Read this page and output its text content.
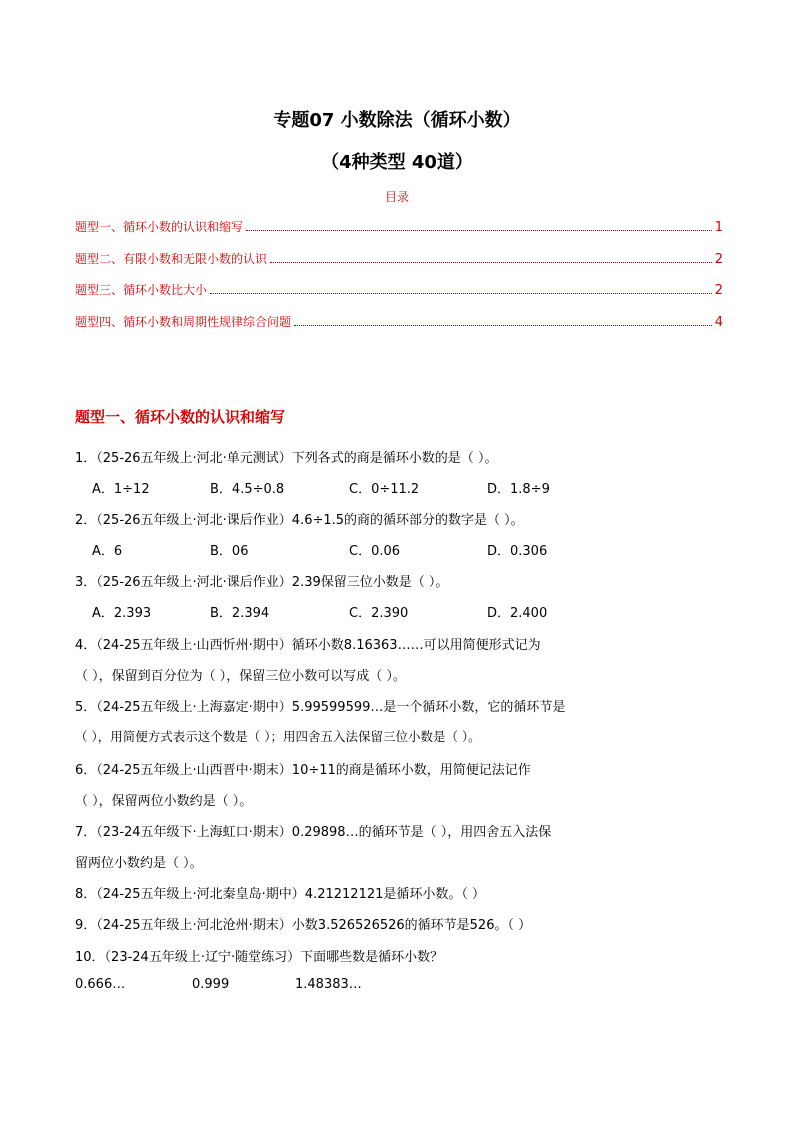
专题07 小数除法（循环小数）
（4种类型 40道）
目录
题型一、循环小数的认识和缩写	1
题型二、有限小数和无限小数的认识	2
题型三、循环小数比大小	2
题型四、循环小数和周期性规律综合问题	4
题型一、循环小数的认识和缩写
1．（25-26五年级上·河北·单元测试）下列各式的商是循环小数的是（ ）。
A．1÷12	B．4.5÷0.8	C．0÷11.2	D．1.8÷9
2．（25-26五年级上·河北·课后作业）4.6÷1.5的商的循环部分的数字是（ ）。
A．6	B．06	C．0.06	D．0.306
3．（25-26五年级上·河北·课后作业）2.39̇保留三位小数是（ ）。
A．2.393	B．2.394	C．2.390	D．2.400
4．（24-25五年级上·山西忻州·期中）循环小数8.16363……可以用简便形式记为
（ ），保留到百分位为（ ），保留三位小数可以写成（ ）。
5．（24-25五年级上·上海嘉定·期中）5.99599599…是一个循环小数，它的循环节是
（ ），用简便方式表示这个数是（ ）；用四舍五入法保留三位小数是（ ）。
6．（24-25五年级上·山西晋中·期末）10÷11的商是循环小数，用简便记法记作
（ ），保留两位小数约是（ ）。
7．（23-24五年级下·上海虹口·期末）0.29898…的循环节是（ ），用四舍五入法保
留两位小数约是（ ）。
8．（24-25五年级上·河北秦皇岛·期中）4.21212121是循环小数。（ ）
9．（24-25五年级上·河北沧州·期末）小数3.526526526的循环节是526。（ ）
10．（23-24五年级上·辽宁·随堂练习）下面哪些数是循环小数？
0.666…	0.999	1.48383…
